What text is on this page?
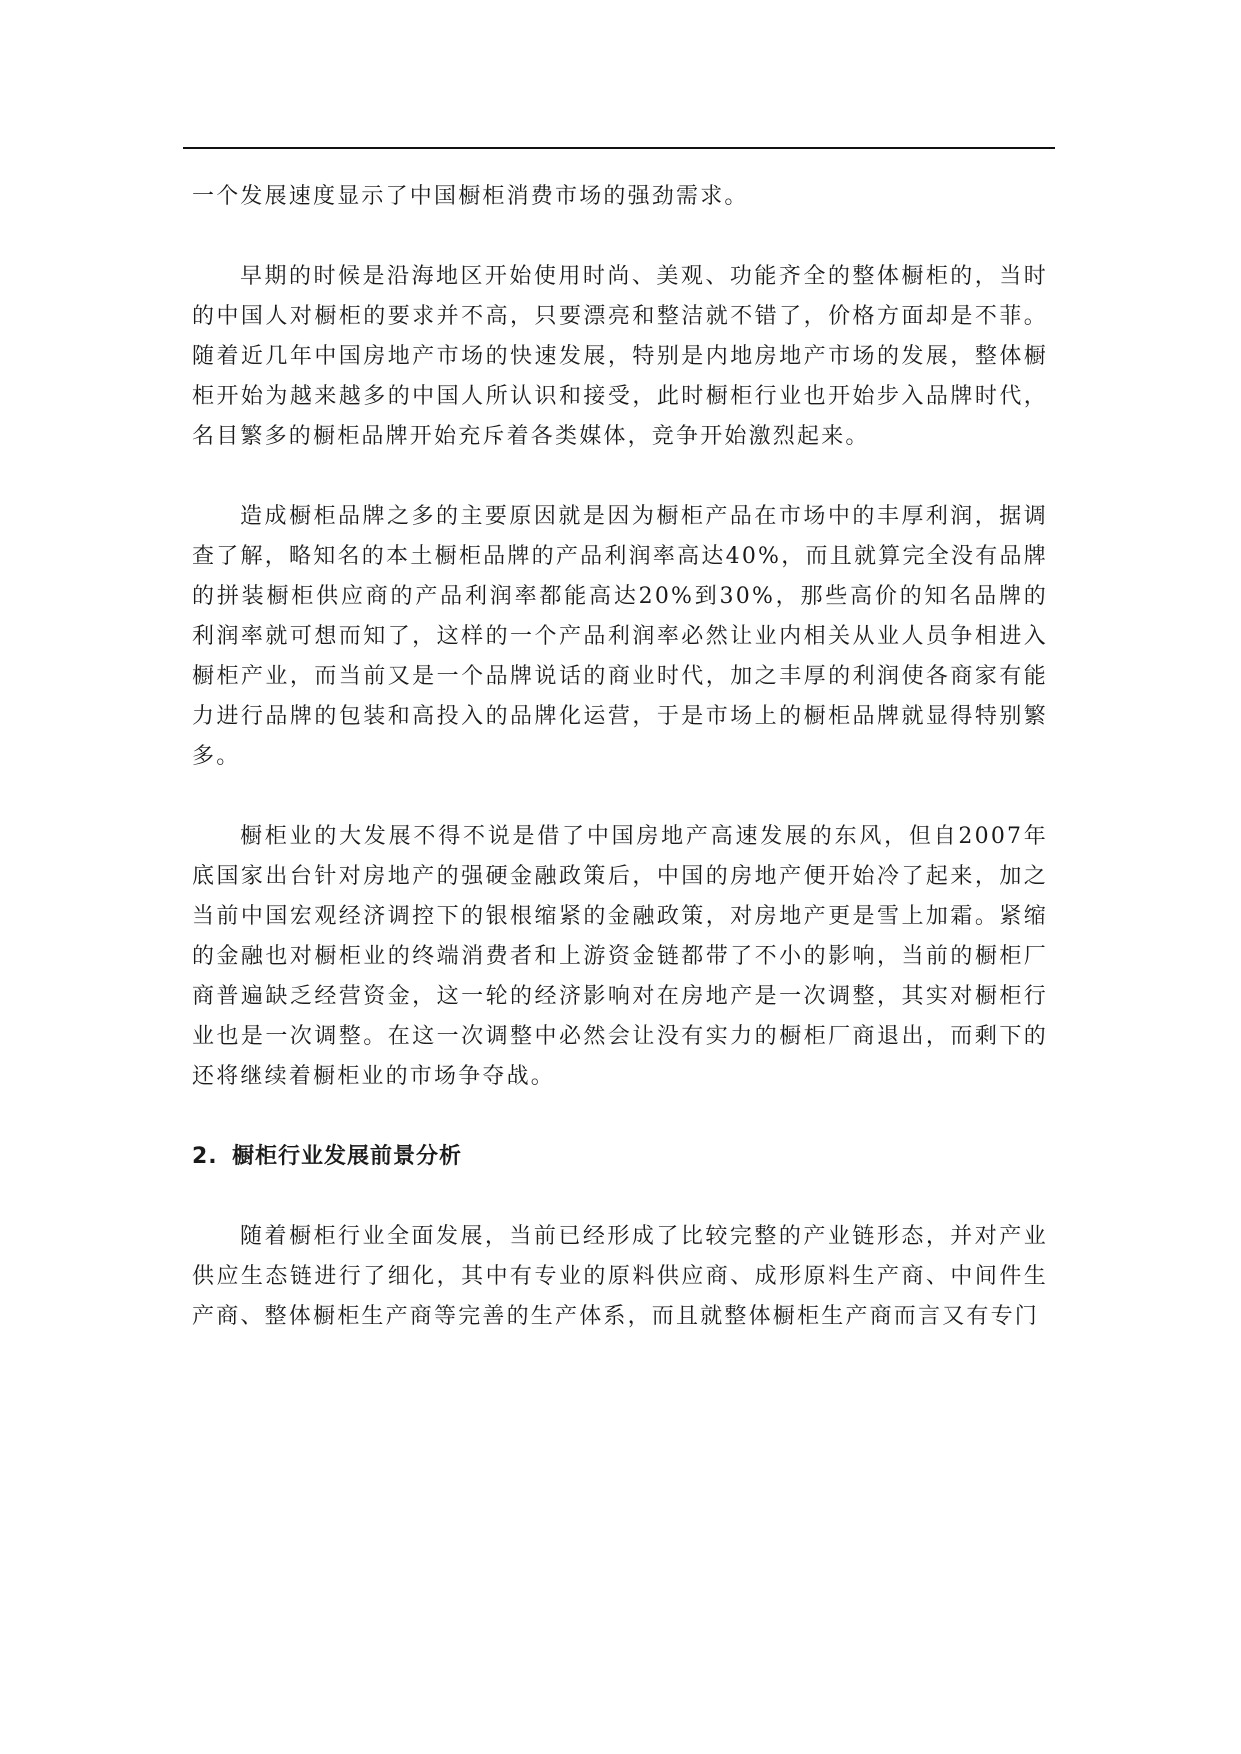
一个发展速度显示了中国橱柜消费市场的强劲需求。

早期的时候是沿海地区开始使用时尚、美观、功能齐全的整体橱柜的，当时的中国人对橱柜的要求并不高，只要漂亮和整洁就不错了，价格方面却是不菲。随着近几年中国房地产市场的快速发展，特别是内地房地产市场的发展，整体橱柜开始为越来越多的中国人所认识和接受，此时橱柜行业也开始步入品牌时代，名目繁多的橱柜品牌开始充斥着各类媒体，竞争开始激烈起来。

造成橱柜品牌之多的主要原因就是因为橱柜产品在市场中的丰厚利润，据调查了解，略知名的本土橱柜品牌的产品利润率高达40%，而且就算完全没有品牌的拼装橱柜供应商的产品利润率都能高达20%到30%，那些高价的知名品牌的利润率就可想而知了，这样的一个产品利润率必然让业内相关从业人员争相进入橱柜产业，而当前又是一个品牌说话的商业时代，加之丰厚的利润使各商家有能力进行品牌的包装和高投入的品牌化运营，于是市场上的橱柜品牌就显得特别繁多。

橱柜业的大发展不得不说是借了中国房地产高速发展的东风，但自2007年底国家出台针对房地产的强硬金融政策后，中国的房地产便开始冷了起来，加之当前中国宏观经济调控下的银根缩紧的金融政策，对房地产更是雪上加霜。紧缩的金融也对橱柜业的终端消费者和上游资金链都带了不小的影响，当前的橱柜厂商普遍缺乏经营资金，这一轮的经济影响对在房地产是一次调整，其实对橱柜行业也是一次调整。在这一次调整中必然会让没有实力的橱柜厂商退出，而剩下的还将继续着橱柜业的市场争夺战。

2. 橱柜行业发展前景分析

随着橱柜行业全面发展，当前已经形成了比较完整的产业链形态，并对产业供应生态链进行了细化，其中有专业的原料供应商、成形原料生产商、中间件生产商、整体橱柜生产商等完善的生产体系，而且就整体橱柜生产商而言又有专门
